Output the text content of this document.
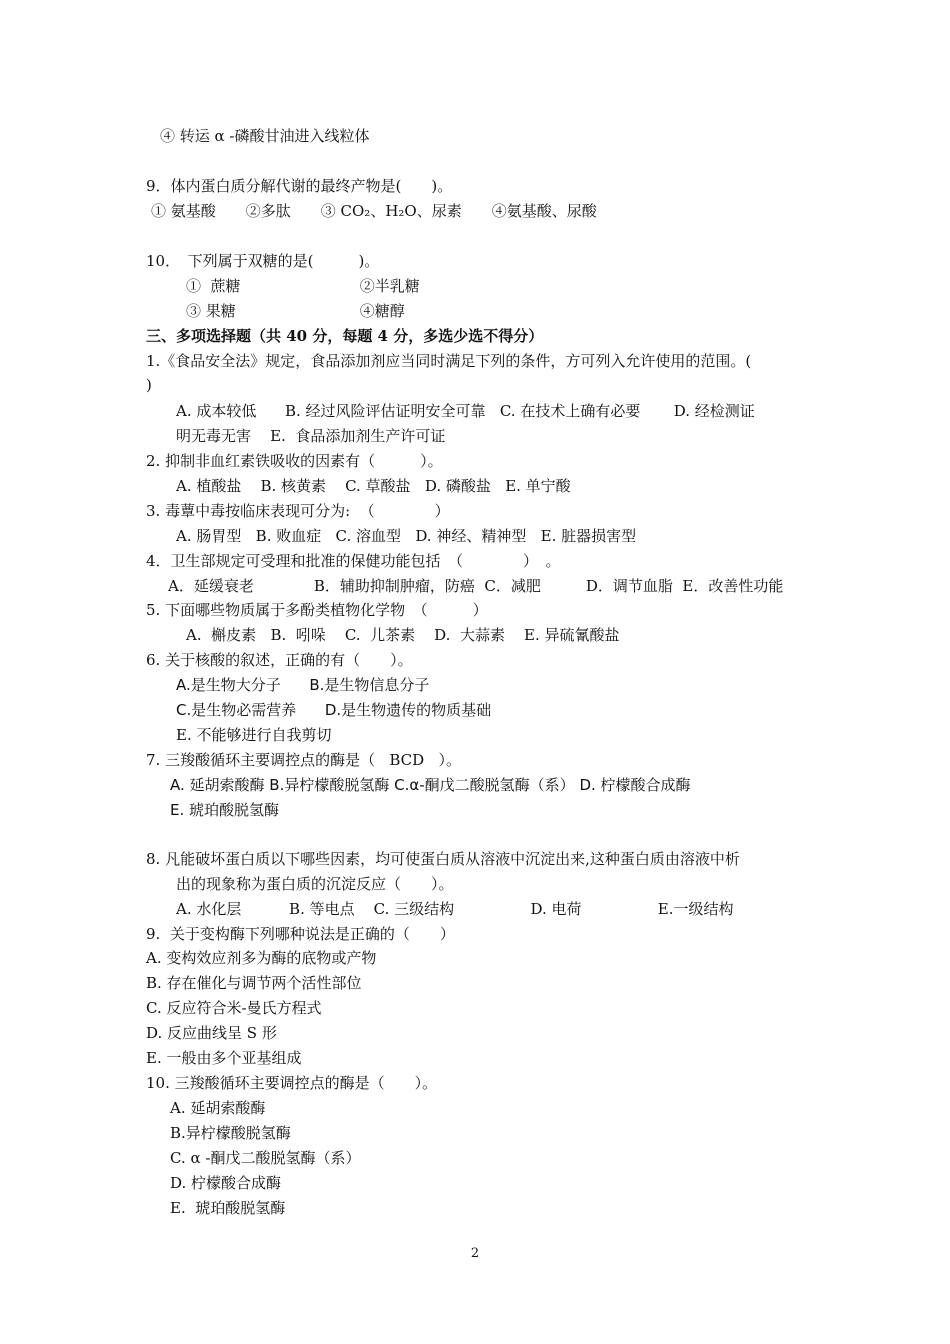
④ 转运 α -磷酸甘油进入线粒体
9．体内蛋白质分解代谢的最终产物是(　　)。
① 氨基酸　　②多肽　　③ CO₂、H₂O、尿素　　④氨基酸、尿酸
10．　下列属于双糖的是(　　　)。
①  蔗糖                         ②半乳糖
③ 果糖                          ④糖醇
三、多项选择题（共 40 分，每题 4 分，多选少选不得分）
1.《食品安全法》规定，食品添加剂应当同时满足下列的条件，方可列入允许使用的范围。(
)
A. 成本较低      B. 经过风险评估证明安全可靠   C. 在技术上确有必要       D. 经检测证
明无毒无害    E.  食品添加剂生产许可证
2. 抑制非血红素铁吸收的因素有（　　　）。
A. 植酸盐    B. 核黄素    C. 草酸盐   D. 磷酸盐   E. 单宁酸
3. 毒蕈中毒按临床表现可分为:  （　　　　）
A. 肠胃型   B. 败血症   C. 溶血型   D. 神经、精神型   E. 脏器损害型
4．卫生部规定可受理和批准的保健功能包括　（　　　　）　。
A．延缓衰老　　　　B．辅助抑制肿瘤，防癌  C．减肥　　　D．调节血脂  E．改善性功能
5. 下面哪些物质属于多酚类植物化学物　（　　　）
A.  槲皮素   B.  吲哚    C.  儿茶素    D.  大蒜素    E. 异硫氰酸盐
6. 关于核酸的叙述，正确的有（　　）。
A.是生物大分子      B.是生物信息分子
C.是生物必需营养      D.是生物遗传的物质基础
E. 不能够进行自我剪切
7. 三羧酸循环主要调控点的酶是（   BCD   ）。
A. 延胡索酸酶 B.异柠檬酸脱氢酶 C.α-酮戊二酸脱氢酶（系） D. 柠檬酸合成酶
E. 琥珀酸脱氢酶
8. 凡能破坏蛋白质以下哪些因素，均可使蛋白质从溶液中沉淀出来,这种蛋白质由溶液中析
出的现象称为蛋白质的沉淀反应（　　）。
A. 水化层          B. 等电点    C. 三级结构                D. 电荷                E.一级结构
9.  关于变构酶下列哪种说法是正确的（　　）
A. 变构效应剂多为酶的底物或产物
B. 存在催化与调节两个活性部位
C. 反应符合米-曼氏方程式
D. 反应曲线呈 S 形
E. 一般由多个亚基组成
10. 三羧酸循环主要调控点的酶是（　　）。
A. 延胡索酸酶
B.异柠檬酸脱氢酶
C. α -酮戊二酸脱氢酶（系）
D. 柠檬酸合成酶
E.  琥珀酸脱氢酶
2
